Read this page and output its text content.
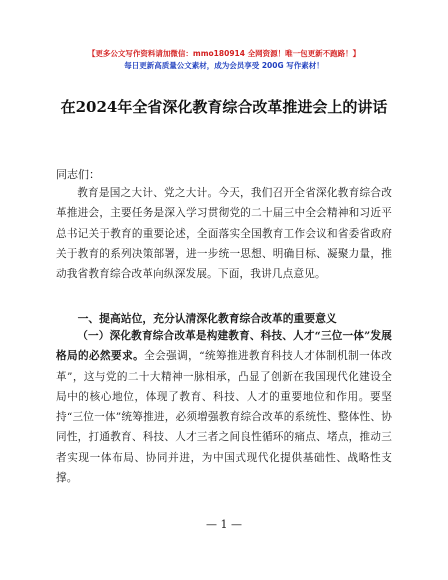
【更多公文写作资料请加微信：mmo180914 全网资源！唯一包更新不跑路！】
每日更新高质量公文素材，成为会员享受 200G 写作素材！
在2024年全省深化教育综合改革推进会上的讲话
同志们：
教育是国之大计、党之大计。今天，我们召开全省深化教育综合改革推进会，主要任务是深入学习贯彻党的二十届三中全会精神和习近平总书记关于教育的重要论述，全面落实全国教育工作会议和省委省政府关于教育的系列决策部署，进一步统一思想、明确目标、凝聚力量，推动我省教育综合改革向纵深发展。下面，我讲几点意见。
一、提高站位，充分认清深化教育综合改革的重要意义
（一）深化教育综合改革是构建教育、科技、人才“三位一体”发展格局的必然要求。全会强调，“统筹推进教育科技人才体制机制一体改革”，这与党的二十大精神一脉相承，凸显了创新在我国现代化建设全局中的核心地位，体现了教育、科技、人才的重要地位和作用。要坚持“三位一体”统筹推进，必须增强教育综合改革的系统性、整体性、协同性，打通教育、科技、人才三者之间良性循环的痛点、堵点，推动三者实现一体布局、协同并进，为中国式现代化提供基础性、战略性支撑。
— 1 —
